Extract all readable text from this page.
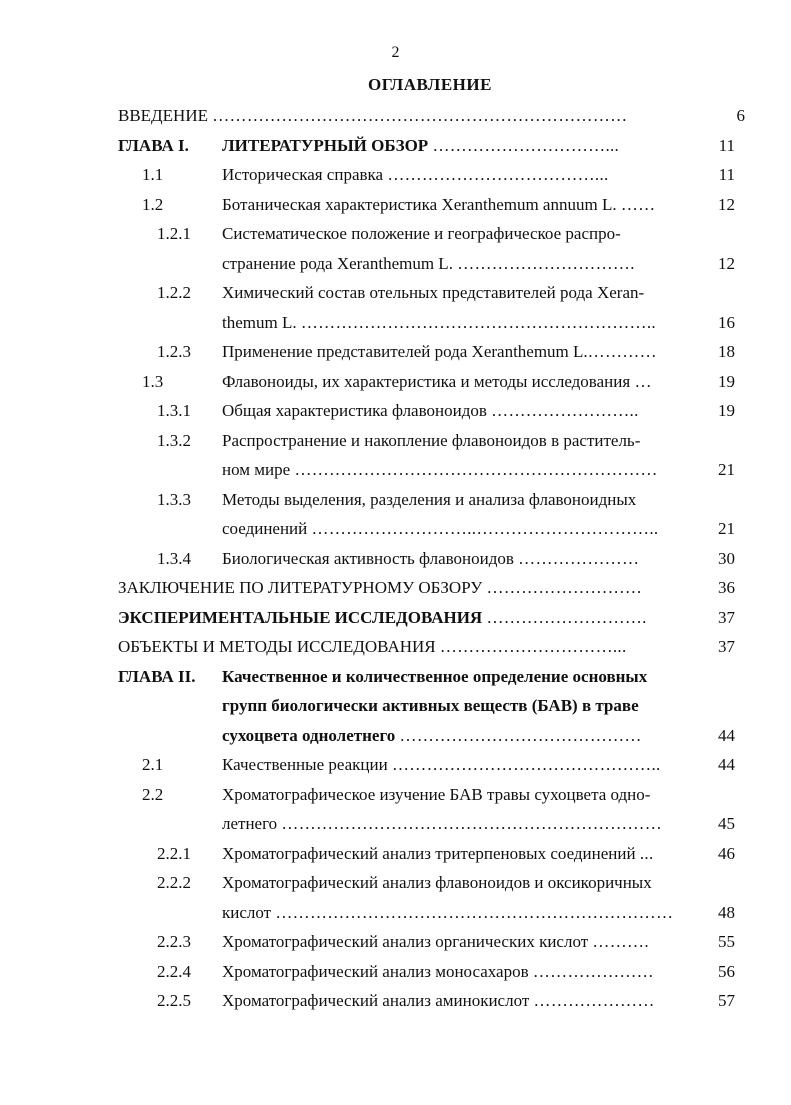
2
ОГЛАВЛЕНИЕ
ВВЕДЕНИЕ ………………………………………………………………	6
ГЛАВА I. ЛИТЕРАТУРНЫЙ ОБЗОР …………………………...	11
1.1	Историческая справка ………………………………...	11
1.2	Ботаническая характеристика Xeranthemum annuum L. ……	12
1.2.1 Систематическое положение и географическое распро-
странение рода Xeranthemum L. ………………………….	12
1.2.2 Химический состав отельных представителей рода Xeran-
themum L. ……………………………………………………..	16
1.2.3 Применение представителей рода Xeranthemum L.…………	18
1.3	Флавоноиды, их характеристика и методы исследования …	19
1.3.1 Общая характеристика флавоноидов ……………………..	19
1.3.2 Распространение и накопление флавоноидов в раститель-
ном мире ………………………………………………………	21
1.3.3 Методы выделения, разделения и анализа флавоноидных
соединений ………………………..…………………………..	21
1.3.4 Биологическая активность флавоноидов …………………	30
ЗАКЛЮЧЕНИЕ ПО ЛИТЕРАТУРНОМУ ОБЗОРУ ………………………	36
ЭКСПЕРИМЕНТАЛЬНЫЕ ИССЛЕДОВАНИЯ ……………………….	37
ОБЪЕКТЫ И МЕТОДЫ ИССЛЕДОВАНИЯ …………………………...	37
ГЛАВА II. Качественное и количественное определение основных
групп биологически активных веществ (БАВ) в траве
сухоцвета однолетнего ……………………………………	44
2.1	Качественные реакции ………………………………………..	44
2.2	Хроматографическое изучение БАВ травы сухоцвета одно-
летнего …………………………………………………………	45
2.2.1 Хроматографический анализ тритерпеновых соединений ...	46
2.2.2 Хроматографический анализ флавоноидов и оксикоричных
кислот ……………………………………………………………	48
2.2.3 Хроматографический анализ органических кислот ……….	55
2.2.4 Хроматографический анализ моносахаров …………………	56
2.2.5 Хроматографический анализ аминокислот …………………	57
